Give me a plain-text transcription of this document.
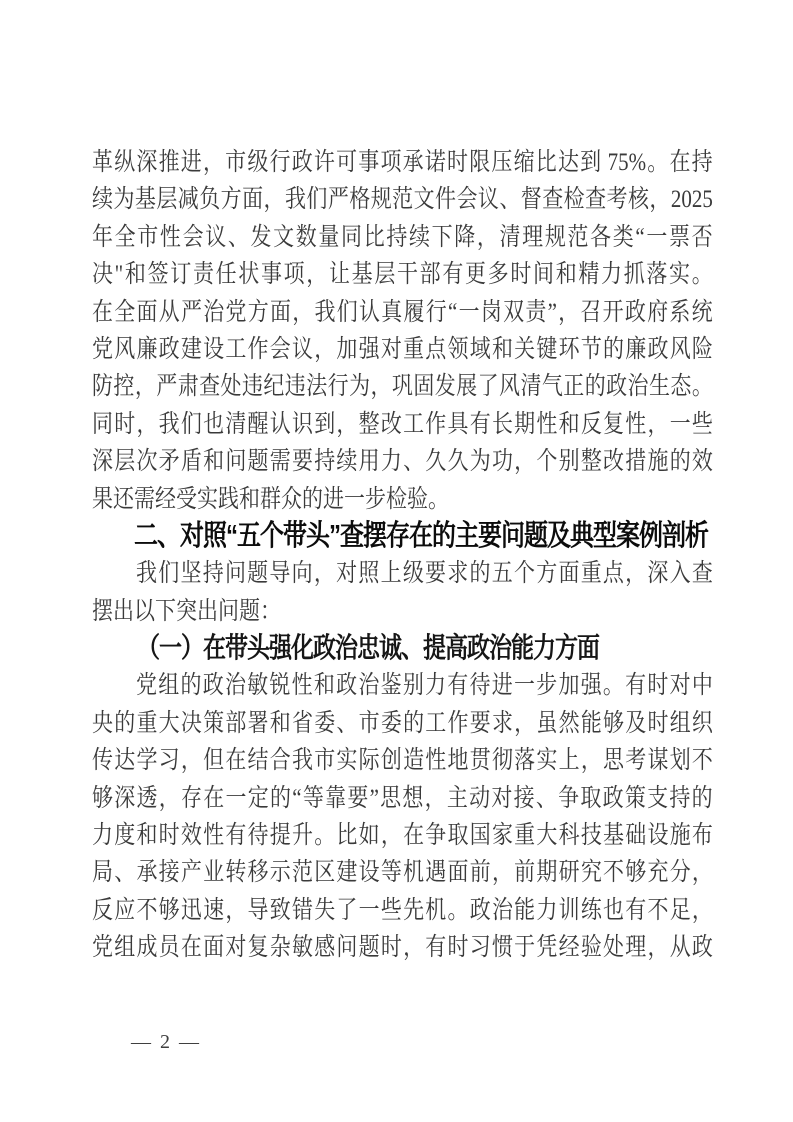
革 纵 深 推 进 ， 市 级 行 政 许 可 事 项 承 诺 时 限 压 缩 比 达 到 75% 。 在 持
续 为 基 层 减 负 方 面 ， 我 们 严 格 规 范 文 件 会 议 、 督 查 检 查 考 核 ， 2025
年 全 市 性 会 议 、 发 文 数 量 同 比 持 续 下 降 ， 清 理 规 范 各 类 “ 一 票 否
决 " 和 签 订 责 任 状 事 项 ， 让 基 层 干 部 有 更 多 时 间 和 精 力 抓 落 实 。
在 全 面 从 严 治 党 方 面 ， 我 们 认 真 履 行 “ 一 岗 双 责 ” ， 召 开 政 府 系 统
党 风 廉 政 建 设 工 作 会 议 ， 加 强 对 重 点 领 域 和 关 键 环 节 的 廉 政 风 险
防 控 ， 严 肃 查 处 违 纪 违 法 行 为 ， 巩 固 发 展 了 风 清 气 正 的 政 治 生 态 。
同 时 ， 我 们 也 清 醒 认 识 到 ， 整 改 工 作 具 有 长 期 性 和 反 复 性 ， 一 些
深 层 次 矛 盾 和 问 题 需 要 持 续 用 力 、 久 久 为 功 ， 个 别 整 改 措 施 的 效
果还需经受实践和群众的进一步检验。
二、对照“五个带头”查摆存在的主要问题及典型案例剖析
我 们 坚 持 问 题 导 向 ， 对 照 上 级 要 求 的 五 个 方 面 重 点 ， 深 入 查
摆出以下突出问题：
（一）在带头强化政治忠诚、提高政治能力方面
党 组 的 政 治 敏 锐 性 和 政 治 鉴 别 力 有 待 进 一 步 加 强 。 有 时 对 中
央 的 重 大 决 策 部 署 和 省 委 、 市 委 的 工 作 要 求 ， 虽 然 能 够 及 时 组 织
传 达 学 习 ， 但 在 结 合 我 市 实 际 创 造 性 地 贯 彻 落 实 上 ， 思 考 谋 划 不
够 深 透 ， 存 在 一 定 的 “ 等 靠 要 ” 思 想 ， 主 动 对 接 、 争 取 政 策 支 持 的
力 度 和 时 效 性 有 待 提 升 。 比 如 ， 在 争 取 国 家 重 大 科 技 基 础 设 施 布
局 、 承 接 产 业 转 移 示 范 区 建 设 等 机 遇 面 前 ， 前 期 研 究 不 够 充 分 ，
反 应 不 够 迅 速 ， 导 致 错 失 了 一 些 先 机 。 政 治 能 力 训 练 也 有 不 足 ，
党 组 成 员 在 面 对 复 杂 敏 感 问 题 时 ， 有 时 习 惯 于 凭 经 验 处 理 ， 从 政
— 2 —
